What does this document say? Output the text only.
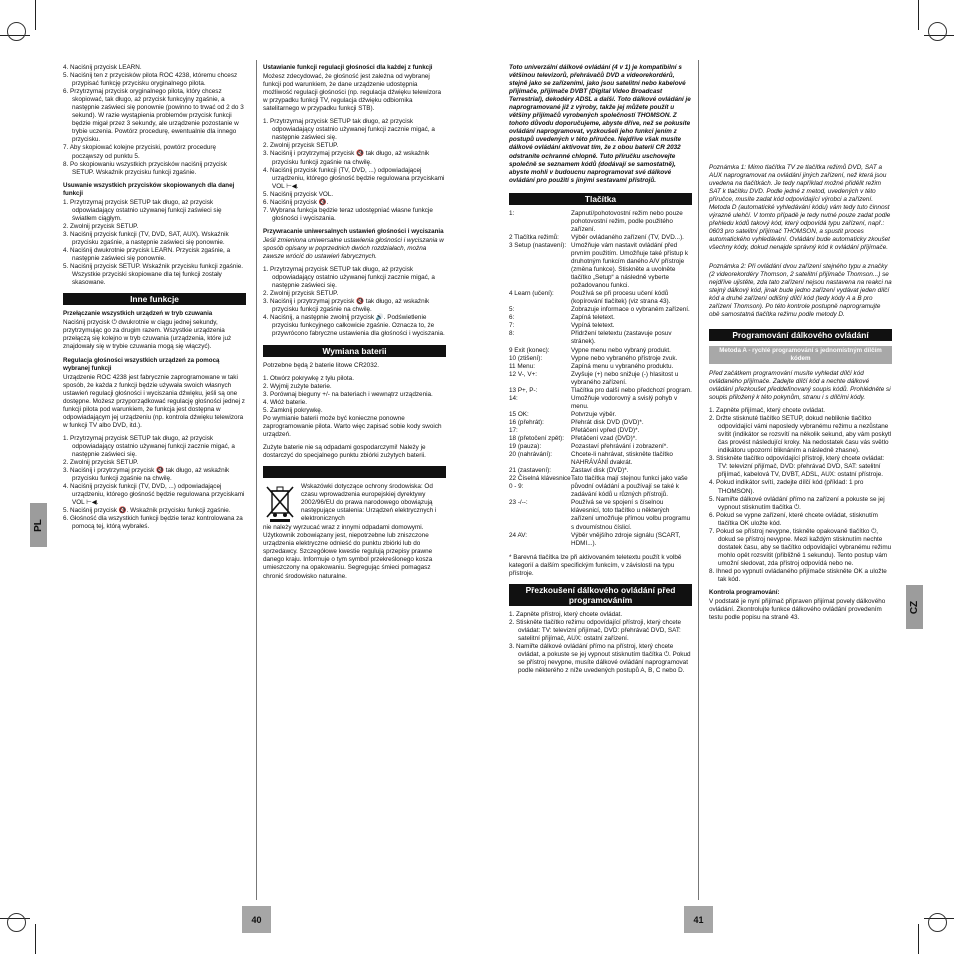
PL
CZ
40	41
4. Naciśnij przycisk LEARN.
5. Naciśnij ten z przycisków pilota ROC 4238, któremu chcesz przypisać funkcję przycisku oryginalnego pilota.
6. Przytrzymaj przycisk oryginalnego pilota, który chcesz skopiować, tak długo, aż przycisk funkcyjny zgaśnie, a następnie zaświeci się ponownie (powinno to trwać od 2 do 3 sekund). W razie wystąpienia problemów przycisk funkcji będzie migał przez 3 sekundy, ale urządzenie pozostanie w trybie uczenia. Powtórz procedurę, ewentualnie dla innego przycisku.
7. Aby skopiować kolejne przyciski, powtórz procedurę począwszy od punktu 5.
8. Po skopiowaniu wszystkich przycisków naciśnij przycisk SETUP. Wskaźnik przycisku funkcji zgaśnie.
Usuwanie wszystkich przycisków skopiowanych dla danej funkcji
1. Przytrzymaj przycisk SETUP tak długo, aż przycisk odpowiadający ostatnio używanej funkcji zaświeci się światłem ciągłym.
2. Zwolnij przycisk SETUP.
3. Naciśnij przycisk funkcji (TV, DVD, SAT, AUX). Wskaźnik przycisku zgaśnie, a następnie zaświeci się ponownie.
4. Naciśnij dwukrotnie przycisk LEARN. Przycisk zgaśnie, a następnie zaświeci się ponownie.
5. Naciśnij przycisk SETUP. Wskaźnik przycisku funkcji zgaśnie. Wszystkie przyciski skopiowane dla tej funkcji zostały skasowane.
Inne funkcje
Przełączanie wszystkich urządzeń w tryb czuwania

Naciśnij przycisk ⏻ dwukrotnie w ciągu jednej sekundy, przytrzymując go za drugim razem. Wszystkie urządzenia przełączą się kolejno w tryb czuwania (urządzenia, które już znajdowały się w trybie czuwania mogą się włączyć).

Regulacja głośności wszystkich urządzeń za pomocą wybranej funkcji

Urządzenie ROC 4238 jest fabrycznie zaprogramowane w taki sposób, że każda z funkcji będzie używała swoich własnych ustawień regulacji głośności i wyciszania dźwięku, jeśli są one dostępne. Możesz przyporządkować regulację głośności jednej z funkcji pilota pod warunkiem, że funkcja jest dostępna w odpowiadającym jej urządzeniu (np. kontrola dźwięku telewizora w funkcji TV albo DVD, itd.).

1. Przytrzymaj przycisk SETUP tak długo, aż przycisk odpowiadający ostatnio używanej funkcji zacznie migać, a następnie zaświeci się.
2. Zwolnij przycisk SETUP.
3. Naciśnij i przytrzymaj przycisk 🔇 tak długo, aż wskaźnik przycisku funkcji zgaśnie na chwilę.
4. Naciśnij przycisk funkcji (TV, DVD, ...) odpowiadającej urządzeniu, którego głośność będzie regulowana przyciskami VOL ⊢◀.
5. Naciśnij przycisk 🔇. Wskaźnik przycisku funkcji zgaśnie.
6. Głośność dla wszystkich funkcji będzie teraz kontrolowana za pomocą tej, którą wybrałeś.
Ustawianie funkcji regulacji głośności dla każdej z funkcji

Możesz zdecydować, że głośność jest zależna od wybranej funkcji pod warunkiem, że dane urządzenie udostępnia możliwość regulacji głośności (np. regulacja dźwięku telewizora w przypadku funkcji TV, regulacja dźwięku odbiornika satelitarnego w przypadku funkcji STB).

1. Przytrzymaj przycisk SETUP tak długo, aż przycisk odpowiadający ostatnio używanej funkcji zacznie migać, a następnie zaświeci się.
2. Zwolnij przycisk SETUP.
3. Naciśnij i przytrzymaj przycisk 🔇 tak długo, aż wskaźnik przycisku funkcji zgaśnie na chwilę.
4. Naciśnij przycisk funkcji (TV, DVD, ...) odpowiadającej urządzeniu, którego głośność będzie regulowana przyciskami VOL ⊢◀.
5. Naciśnij przycisk VOL.
6. Naciśnij przycisk 🔇.
7. Wybrana funkcja będzie teraz udostępniać własne funkcje głośności i wyciszania.
Przywracanie uniwersalnych ustawień głośności i wyciszania

Jeśli zmieniona uniwersalne ustawienia głośności i wyciszania w sposób opisany w poprzednich dwóch rozdziałach, można zawsze wrócić do ustawień fabrycznych.

1. Przytrzymaj przycisk SETUP tak długo, aż przycisk odpowiadający ostatnio używanej funkcji zacznie migać, a następnie zaświeci się.
2. Zwolnij przycisk SETUP.
3. Naciśnij i przytrzymaj przycisk 🔇 tak długo, aż wskaźnik przycisku funkcji zgaśnie na chwilę.
4. Naciśnij, a następnie zwolnij przycisk 🔊. Podświetlenie przycisku funkcyjnego całkowicie zgaśnie. Oznacza to, że przywrócono fabryczne ustawienia dla głośności i wyciszania.
Wymiana baterii

Potrzebne będą 2 baterie litowe CR2032.

1. Otwórz pokrywkę z tyłu pilota.
2. Wyjmij zużyte baterie.
3. Porównaj bieguny +/- na bateriach i wewnątrz urządzenia.
4. Włóż baterie.
5. Zamknij pokrywkę.

Po wymianie baterii może być konieczne ponowne zaprogramowanie pilota. Warto więc zapisać sobie kody swoich urządzeń.

Zużyte baterie nie są odpadami gospodarczymi! Należy je dostarczyć do specjalnego punktu zbiórki zużytych baterii.

Wskazówki dotyczące ochrony środowiska: Od czasu wprowadzenia europejskiej dyrektywy 2002/96/EU do prawa narodowego obowiązują następujące ustalenia: Urządzeń elektrycznych i elektronicznych

nie należy wyrzucać wraz z innymi odpadami domowymi. Użytkownik zobowiązany jest, niepotrzebne lub zniszczone urządzenia elektryczne odnieść do punktu zbiórki lub do sprzedawcy. Szczegółowe kwestie regulują przepisy prawne danego kraju. Informuje o tym symbol przekreślonego kosza umieszczony na opakowaniu. Segregując śmieci pomagasz chronić środowisko naturalne.

Toto univerzální dálkové ovládání (4 v 1) je kompatibilní s většinou televizorů, přehrávačů DVD a videorekordérů, stejně jako se zařízeními, jako jsou satelitní nebo kabelové přijímače, přijímače DVBT (Digital Video Broadcast Terrestrial), dekodéry ADSL a další. Toto dálkové ovládání je naprogramované již z výroby, takže jej můžete použít u většiny přijímačů vyrobených společností THOMSON. Z tohoto důvodu doporučujeme, abyste dříve, než se pokusíte ovládání naprogramovat, vyzkoušeli jeho funkci jením z postupů uvedených v této příručce. Nejdříve však musíte dálkové ovládání aktivovat tím, že z obou baterií CR 2032 odstraníte ochranné chlopně. Tuto příručku uschovejte společně se seznamem kódů (dodávají se samostatně), abyste mohli v budoucnu naprogramovat své dálkové ovládání pro použití s jinými sestavami přístrojů.

Tlačítka
1:	Zapnutí/pohotovostní režim nebo pouze pohotovostní režim, podle použitého zařízení.
2 Tlačítka režimů:	Výběr ovládaného zařízení (TV, DVD...).
3 Setup (nastavení): Umožňuje vám nastavit ovládání před prvním použitím. Umožňuje také přístup k druhotným funkcím daného A/V přístroje (změna funkce). Stiskněte a uvolněte tlačítko „Setup“ a následně vyberte požadovanou funkci.
4 Learn (učení):	Používá se při procesu učení kódů (kopírování tlačítek) (viz strana 43).
5:	Zobrazuje informace o vybraném zařízení.
6:	Zapíná teletext.
7:	Vypíná teletext.
8:	Přidržení teletextu (zastavuje posuv stránek).
9 Exit (konec):	Vypne menu nebo vybraný produkt.
10 (ztišení):	Vypne nebo vybraného přístroje zvuk.
11 Menu:	Zapíná menu u vybraného produktu.
12 V-, V+:	Zvyšuje (+) nebo snižuje (-) hlasitost u vybraného zařízení.
13 P+, P-:	Tlačítka pro další nebo předchozí program.
14:	Umožňuje vodorovný a svislý pohyb v menu.
15 OK:	Potvrzuje výběr.
16 (přehrát):	Přehrát disk DVD (DVD)*.
17:	Přetáčení vpřed (DVD)*.
18 (přetočení zpět):	Přetáčení vzad (DVD)*.
19 (pauza):	Pozastaví přehrávání i zobrazení*.
20 (nahrávání):	Chcete-li nahrávat, stiskněte tlačítko NAHRÁVÁNÍ dvakrát.
21 (zastavení):	Zastaví disk (DVD)*.
22 Číselná klávesnice 0 - 9:
Tato tlačítka mají stejnou funkci jako vaše původní ovládání a používají se také k zadávání kódů u různých přístrojů.
23 -/--:	Používá se ve spojení s číselnou klávesnicí, toto tlačítko u některých zařízení umožňuje přímou volbu programu s dvoumístnou číslicí.
24 AV:	Výběr vnějšího zdroje signálu (SCART, HDMI...).

* Barevná tlačítka lze při aktivovaném teletextu použít k volbě kategorií a dalším specifickým funkcím, v závislosti na typu přístroje.

Přezkoušení dálkového ovládání před programováním
1. Zapněte přístroj, který chcete ovládat.
2. Stiskněte tlačítko režimu odpovídající přístroji, který chcete ovládat: TV: televizní přijímač, DVD: přehrávač DVD, SAT: satelitní přijímač, AUX: ostatní zařízení.
3. Namiřte dálkové ovládání přímo na přístroj, který chcete ovládat, a pokuste se jej vypnout stisknutím tlačítka ⏻. Pokud se přístroj nevypne, musíte dálkové ovládání naprogramovat podle některého z níže uvedených postupů A, B, C nebo D.

Poznámka 1: Mimo tlačítka TV ze tlačítka režimů DVD, SAT a AUX naprogramovat na ovládání jiných zařízení, než která jsou uvedena na tlačítkách. Je tedy například možné přidělit režim SAT k tlačítku DVD. Podle jedné z metod, uvedených v této příručce, musíte zadat kód odpovídající výrobci a zařízení. Metoda D (automatické vyhledávání kódu) vám tedy tuto činnost výrazně ulehčí. V tomto případě je tedy nutné pouze zadat podle přehledu kódů takový kód, který odpovídá typu zařízení, např.: 0603 pro satelitní přijímač THOMSON, a spustit proces automatického vyhledávání. Ovládání bude automaticky zkoušet všechny kódy, dokud nenajde správný kód k ovládání přijímače.

Poznámka 2: Při ovládání dvou zařízení stejného typu a značky (2 videorekordéry Thomson, 2 satelitní přijímače Thomson...) se nejdříve ujistěte, zda tato zařízení nejsou nastavena na reakci na stejný dálkový kód, jinak bude jedno zařízení vydávat jeden dílčí kód a druhé zařízení odlišný dílčí kód (tedy kódy A a B pro zařízení Thomson). Po této kontrole postupně naprogramujte obě samostatná tlačítka režimu podle metody D.

Programování dálkového ovládání
Metoda A - rychlé programování s jednomístným dílčím kódem

Před začátkem programování musíte vyhledat dílčí kód ovládaného přijímače. Zadejte dílčí kód a nechte dálkové ovládání přezkoušet předdefinovaný soupis kódů. Prohlédněte si soupis přiložený k této pokynům, stranu i s dílčími kódy.

1. Zapněte přijímač, který chcete ovládat.
2. Držte stisknuté tlačítko SETUP, dokud nebliknie tlačítko odpovídající vámi naposledy vybranému režimu a nezůstane svítit (indikátor se rozsvítí na několik sekund, aby vám poskytl čas provést následující kroky. Na nedostatek času vás světlo indikátoru upozorní bliknáním a následně zhasne).
3. Stiskněte tlačítko odpovídající přístroji, který chcete ovládat: TV: televizní přijímač, DVD: přehrávač DVD, SAT: satelitní přijímač, kabelová TV, DVBT, ADSL, AUX: ostatní přístroje.
4. Pokud indikátor svítí, zadejte dílčí kód (příklad: 1 pro THOMSON).
5. Namiřte dálkové ovládání přímo na zařízení a pokuste se jej vypnout stisknutím tlačítka ⏻.
6. Pokud se vypne zařízení, které chcete ovládat, stisknutím tlačítka OK uložte kód.
7. Pokud se přístroj nevypne, tiskněte opakovaně tlačítko ⏻, dokud se přístroj nevypne. Mezi každým stisknutím nechte dostatek času, aby se tlačítko odpovídající vybranému režimu mohlo opět rozsvítit (přibližně 1 sekundu). Tento postup vám umožní sledovat, zda přístroj odpovídá nebo ne.
8. Ihned po vypnutí ovládaného přijímače stiskněte OK a uložte tak kód.
Kontrola programování:

V podstatě je nyní přijímač připraven přijímat povely dálkového ovládání. Zkontrolujte funkce dálkového ovládání provedením testu podle popisu na straně 43.
